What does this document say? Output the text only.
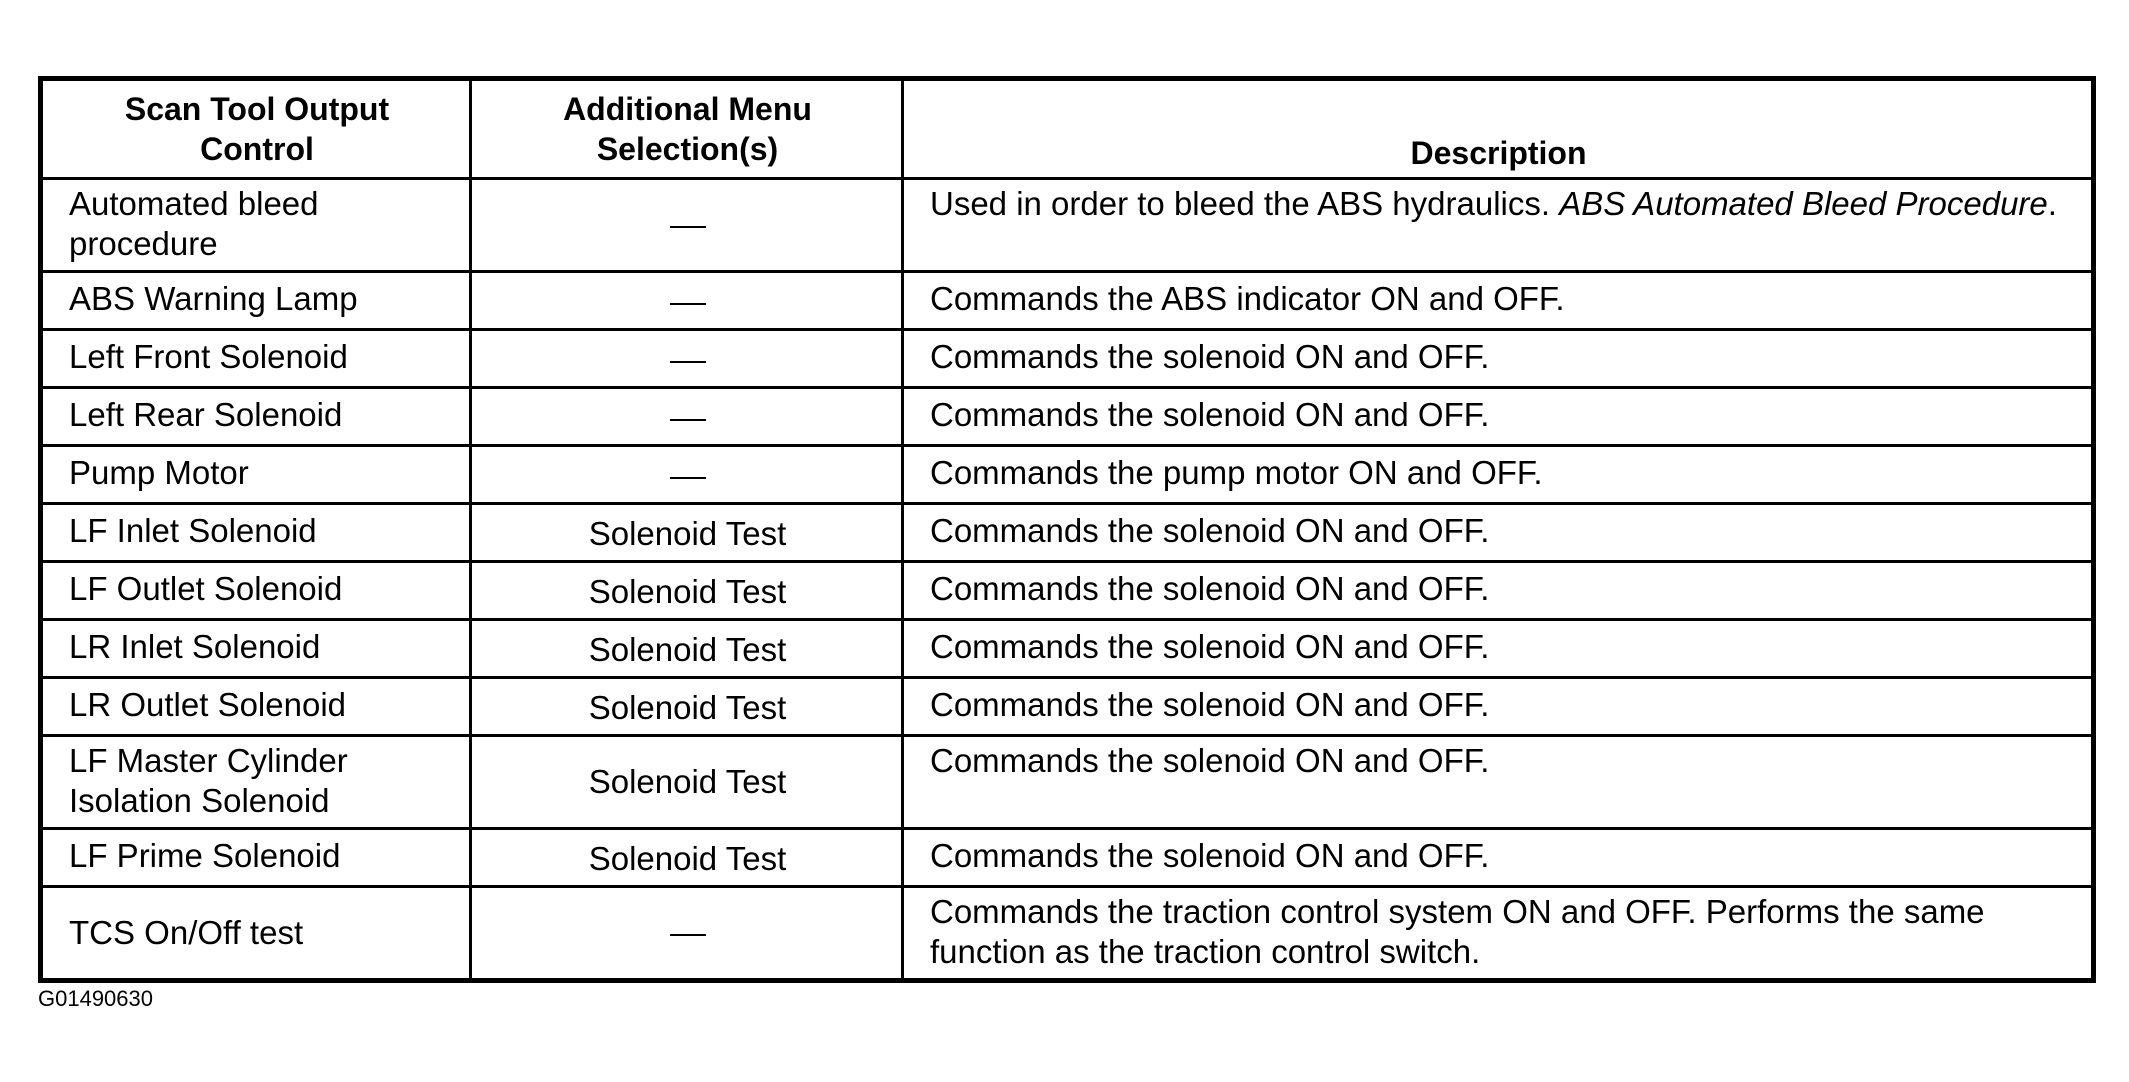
Scan Tool Output Control	Additional Menu Selection(s)	Description
Automated bleed procedure		Used in order to bleed the ABS hydraulics. ABS Automated Bleed Procedure.
ABS Warning Lamp		Commands the ABS indicator ON and OFF.
Left Front Solenoid		Commands the solenoid ON and OFF.
Left Rear Solenoid		Commands the solenoid ON and OFF.
Pump Motor		Commands the pump motor ON and OFF.
LF Inlet Solenoid	Solenoid Test	Commands the solenoid ON and OFF.
LF Outlet Solenoid	Solenoid Test	Commands the solenoid ON and OFF.
LR Inlet Solenoid	Solenoid Test	Commands the solenoid ON and OFF.
LR Outlet Solenoid	Solenoid Test	Commands the solenoid ON and OFF.
LF Master Cylinder Isolation Solenoid	Solenoid Test	Commands the solenoid ON and OFF.
LF Prime Solenoid	Solenoid Test	Commands the solenoid ON and OFF.
TCS On/Off test		Commands the traction control system ON and OFF. Performs the same function as the traction control switch.
G01490630
